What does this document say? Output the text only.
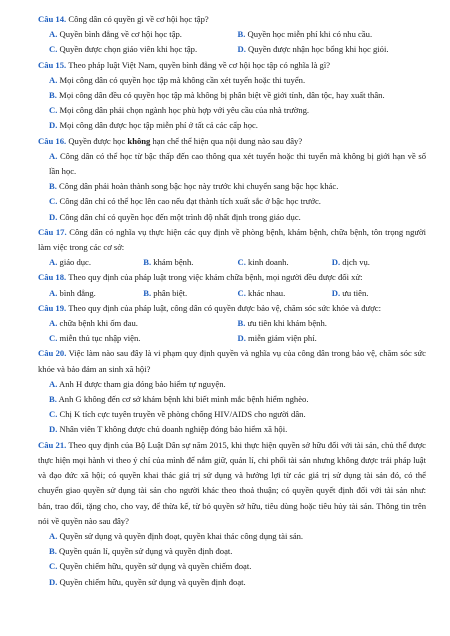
Câu 14. Công dân có quyền gì về cơ hội học tập?

A. Quyền bình đẳng về cơ hội học tập.	B. Quyền học miễn phí khi có nhu cầu.
C. Quyền được chọn giáo viên khi học tập.	D. Quyền được nhận học bổng khi học giỏi.

Câu 15. Theo pháp luật Việt Nam, quyền bình đẳng về cơ hội học tập có nghĩa là gì?

A. Mọi công dân có quyền học tập mà không cần xét tuyển hoặc thi tuyển.
B. Mọi công dân đều có quyền học tập mà không bị phân biệt về giới tính, dân tộc, hay xuất thân.
C. Mọi công dân phải chọn ngành học phù hợp với yêu cầu của nhà trường.
D. Mọi công dân được học tập miễn phí ở tất cả các cấp học.

Câu 16. Quyền được học không hạn chế thể hiện qua nội dung nào sau đây?

A. Công dân có thể học từ bậc thấp đến cao thông qua xét tuyển hoặc thi tuyển mà không bị giới hạn về số lần học.
B. Công dân phải hoàn thành song bậc học này trước khi chuyển sang bậc học khác.
C. Công dân chỉ có thể học lên cao nếu đạt thành tích xuất sắc ở bậc học trước.
D. Công dân chỉ có quyền học đến một trình độ nhất định trong giáo dục.

Câu 17. Công dân có nghĩa vụ thực hiện các quy định về phòng bệnh, khám bệnh, chữa bệnh, tôn trọng người làm việc trong các cơ sở:

A. giáo dục.	B. khám bệnh.	C. kinh doanh.	D. dịch vụ.

Câu 18. Theo quy định của pháp luật trong việc khám chữa bệnh, mọi người đều được đối xử:

A. bình đẳng.	B. phân biệt.	C. khác nhau.	D. ưu tiên.

Câu 19. Theo quy định của pháp luật, công dân có quyền được bảo vệ, chăm sóc sức khỏe và được:

A. chữa bệnh khi ốm đau.	B. ưu tiên khi khám bệnh.
C. miễn thủ tục nhập viện.	D. miễn giảm viện phí.

Câu 20. Việc làm nào sau đây là vi phạm quy định quyền và nghĩa vụ của công dân trong bảo vệ, chăm sóc sức khỏe và bảo đảm an sinh xã hội?

A. Anh H được tham gia đóng bảo hiểm tự nguyện.
B. Anh G không đến cơ sở khám bệnh khi biết mình mắc bệnh hiểm nghèo.
C. Chị K tích cực tuyên truyền về phòng chống HIV/AIDS cho người dân.
D. Nhân viên T không được chủ doanh nghiệp đóng bảo hiểm xã hội.

Câu 21. Theo quy định của Bộ Luật Dân sự năm 2015, khi thực hiện quyền sở hữu đối với tài sản, chủ thể được thực hiện mọi hành vi theo ý chí của mình để nắm giữ, quản lí, chi phối tài sản nhưng không được trái pháp luật và đạo đức xã hội; có quyền khai thác giá trị sử dụng và hưởng lợi từ các giá trị sử dụng tài sản đó, có thể chuyển giao quyền sử dụng tài sản cho người khác theo thoả thuận; có quyền quyết định đối với tài sản như: bán, trao đổi, tặng cho, cho vay, để thừa kế, từ bỏ quyền sở hữu, tiêu dùng hoặc tiêu hủy tài sản. Thông tin trên nói về quyền nào sau đây?

A. Quyền sử dụng và quyền định đoạt, quyền khai thác công dụng tài sản.
B. Quyền quản lí, quyền sử dụng và quyền định đoạt.
C. Quyền chiếm hữu, quyền sử dụng và quyền chiếm đoạt.
D. Quyền chiếm hữu, quyền sử dụng và quyền định đoạt.
